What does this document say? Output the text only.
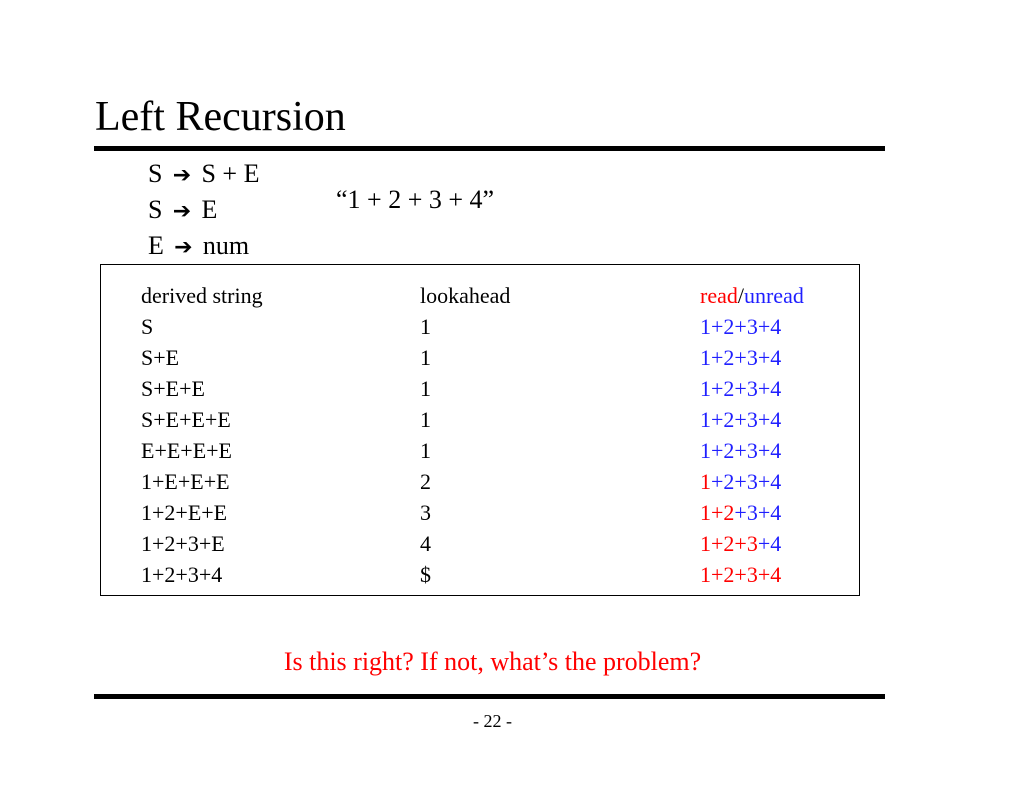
Left Recursion
S ➔ S + E
S ➔ E
E ➔ num
“1 + 2 + 3 + 4”
derived string	lookahead	read/unread
S	1	1+2+3+4
S+E	1	1+2+3+4
S+E+E	1	1+2+3+4
S+E+E+E	1	1+2+3+4
E+E+E+E	1	1+2+3+4
1+E+E+E	2	1+2+3+4
1+2+E+E	3	1+2+3+4
1+2+3+E	4	1+2+3+4
1+2+3+4	$	1+2+3+4
Is this right? If not, what’s the problem?
- 22 -
